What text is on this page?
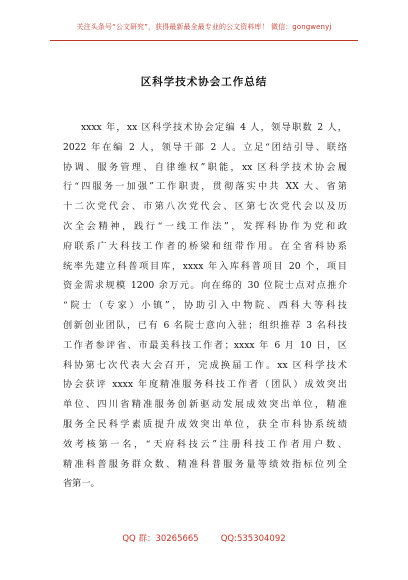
关注头条号“公文研究”，获得最新最全最专业的公文资料库！ 微信：gongwenyj
区科学技术协会工作总结
xxxx 年，xx 区科学技术协会定编 4 人，领导职数 2 人，
2022 年在编 2 人，领导干部 2 人。立足“团结引导、联络
协调、服务管理、自律维权”职能，xx 区科学技术协会履
行“四服务一加强”工作职责，贯彻落实中共 XX 大、省第
十二次党代会、市第八次党代会、区第七次党代会以及历
次全会精神，践行“一线工作法”，发挥科协作为党和政
府联系广大科技工作者的桥梁和纽带作用。在全省科协系
统率先建立科普项目库，xxxx 年入库科普项目 20 个，项目
资金需求规模 1200 余万元。向在绵的 30 位院士点对点推介
“院士（专家）小镇”，协助引入中物院、西科大等科技
创新创业团队，已有 6 名院士意向入驻；组织推荐 3 名科技
工作者参评省、市最美科技工作者；xxxx 年 6 月 10 日，区
科协第七次代表大会召开，完成换届工作。xx 区科学技术
协会获评 xxxx 年度精准服务科技工作者（团队）成效突出
单位、四川省精准服务创新驱动发展成效突出单位，精准
服务全民科学素质提升成效突出单位，获全市科协系统绩
效考核第一名，“天府科技云”注册科技工作者用户数、
精准科普服务群众数、精准科普服务量等绩效指标位列全
省第一。
QQ 群：30265665	QQ:535304092
